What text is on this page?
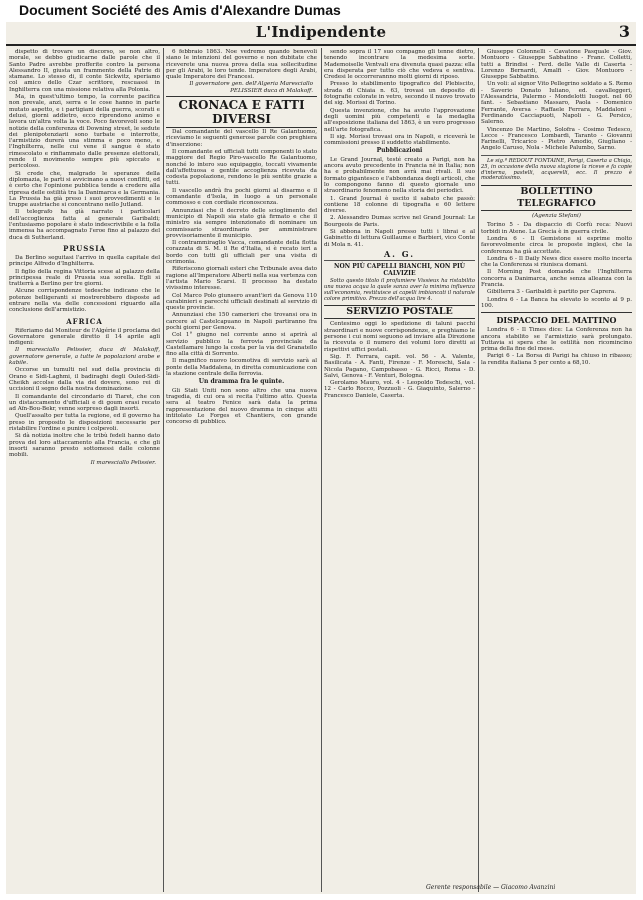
Document Société des Amis d'Alexandre Dumas
L'Indipendente	3

dispetto di trovare un discorso, se non altro, morale, se debbo giudicarne dalle parole che il Santo Padre avrebbe profferite contro la persona Alessandro II, giusta un frammento della Patrie di stamane. Lo stesso di, il conte Sickwitz, speriamo col amico dello Czar scrittore, rescuassi in Inghilterra con una missione relativa alla Polonia.

Ma, in quest'ultimo tempo, la corrente pacifica non prevale, anzi, serra e le cose hanno in parte mutato aspetto, e i partigiani della guerra, scorati e delusi, giorni addietro, ecco riprendono animo e lavora un'altra volta la voce. Poco favorevoli sono le notizie della conferenza di Downing street, le sedute dei plenipotenziarii sono turbate e interrotte, l'armistizio durerà una stimma e poco meno, e l'Inghilterra, nelle cui vene il sangue è stato rimescolato e rinfiammato dalle presenze elettorali, rende il movimento sempre più spiccato e pericoloso.

Si crede che, malgrado le speranze della diplomazia, le parti si avvicinano a nuovi conflitti, ed è certo che l'opinione pubblica tende a credere alla ripresa delle ostilità tra la Danimarca e la Germania. La Prussia ha già preso i suoi provvedimenti e le truppe austriache si concentrano nello Jutland.

Il telegrafo ha già narrato i particolari dell'accoglienza fatta al generale Garibaldi; l'entusiasmo popolare è stato indescrivibile e la folla immensa ha accompagnato l'eroe fino al palazzo del duca di Sutherland.

PRUSSIA

Da Berlino seguitasi l'arrivo in quella capitale del principe Alfredo d'Inghilterra.

Il figlio della regina Vittoria scese al palazzo della principessa reale di Prussia sua sorella. Egli si tratterrà a Berlino per tre giorni.

Alcune corrispondenze tedesche indicano che le potenze belligeranti si mostrerebbero disposte ad entrare nella via delle concessioni riguardo alla conclusione dell'armistizio.

AFRICA

Riferiamo dal Moniteur de l'Algérie il proclama del Governatore generale diretto il 14 aprile agli indigeni:

Il maresciallo Pelissier, duca di Malakoff, governatore generale, a tutte le popolazioni arabe e kabile.

Occorse un tumulti nel sud della provincia di Orano e Sidi-Laghmi, il badiraghi degli Ouled-Sidi-Cheikh accolse dalla via del dovere, sono rei di uccisioni il segno della nostra dominazione.

Il comandante del circondario di Tiaret, che con un distaccamento d'ufficiali e di goum erasi recato ad Aïn-Bou-Bekr, venne sorpreso dagli insorti.

Quell'assalto per tutta la regione, ed il governo ha preso in proposito le disposizioni necessarie per ristabilire l'ordine e punire i colpevoli.

Si dà notizia inoltre che le tribù fedeli hanno dato prova del loro attaccamento alla Francia, e che gli insorti saranno presto sottomessi dalle colonne mobili.

Il maresciallo Pelissier.

6 febbraio 1863. Noe vedremo quando benevoli siano le intenzioni del governo e non dubitate che riceverete una nuova prova della sua sollecitudine per gli Arabi, le loro tende. Imperatore degli Arabi, quale Imperatore dei Francesi.

Il governatore gen. dell'Algeria Maresciallo PELISSIER duca di Malakoff.
CRONACA E FATTI DIVERSI

Dal comandante del vascello Il Re Galantuomo, riceviamo le seguenti generose parole con preghiera d'inserzione:

Il comandante ed ufficiali tutti componenti lo stato maggiore del Regio Piro-vascello Re Galantuomo, nonché lo intero suo equipaggio, toccati vivamente dall'affettuosa e gentile accoglienza ricevuta da codesta popolazione, rendono le più sentite grazie a tutti.

Il vascello andrà fra pochi giorni al disarmo e il comandante d'Isola, in luogo a un personale commosso e con cordiale riconoscenza.

Annunziasi che il decreto delle scioglimento del municipio di Napoli sia stato già firmato e che il ministro sia sempre intenzionato di nominare un commissario straordinario per amministrare provvisoriamente il municipio.

Il contrammiraglio Vacca, comandante della flotta corazzata di S. M. il Re d'Italia, si è recato ieri a bordo con tutti gli ufficiali per una visita di cerimonia.

Riferiscono giornali esteri che Tribunale avea dato ragione all'Imperatore Alberti nella sua vertenza con l'artista Mario Scarsi. Il processo ha destato vivissimo interesse.

Col Marco Polo giunsero avant'ieri da Genova 110 carabinieri e parecchi ufficiali destinati al servizio di queste provincie.

Annunziasi che 150 camerieri che trovansi ora in carcere al Castelcapuano in Napoli partiranno fra pochi giorni per Genova.

Col 1° giugno nel corrente anno si aprirà al servizio pubblico la ferrovia provinciale da Castellamare lungo la costa per la via del Granatello fino alla città di Sorrento.

Il magnifico nuovo locomotiva di servizio sarà al ponte della Maddalena, in diretta comunicazione con la stazione centrale della ferrovia.

Un dramma fra le quinte.

Gli Stati Uniti non sono altro che una nuova tragedia, di cui ora si recita l'ultimo atto. Questa sera al teatro Fenice sarà data la prima rappresentazione del nuovo dramma in cinque atti intitolato Le Forges et Chantiers, con grande concorso di pubblico.

sendo sopra il 17 suo compagno gli tenne dietro, tenendo incontrare la medesima sorte. Mademoiselle Ventvali era divenuta quasi pazza: ella era disperata per tutto ciò che vedeva e sentiva. Credesi le occorrerannno molti giorni di riposo.

Presso lo stabilimento tipografico del Plebiscito, strada di Chiaia n. 63, trovasi un deposito di fotografie colorate in vetro, secondo il nuovo trovato del sig. Morissi di Torino.

Questa invenzione, che ha avuto l'approvazione degli uomini più competenti e la medaglia all'esposizione italiana del 1863, è un vero progresso nell'arte fotografica.

Il sig. Morissi trovasi ora in Napoli, e riceverà le commissioni presso il suddetto stabilimento.

Pubblicazioni

Le Grand Journal, testé creato a Parigi, non ha ancora avuto precedente in Francia nè in Italia; non ha e probabilmente non avrà mai rivali. Il suo formato gigantesco e l'abbondanza degli articoli, che lo compongono fanno di questo giornale uno straordinario fenomeno nella storia dei periodici.

1. Grand Journal è uscito il sabato che passò: contiene 18 colonne di tipografia e 60 lettere diverse.

2. Alessandro Dumas scrive nel Grand Journal: Le Bourgeois de Paris.

Si abbona in Napoli presso tutti i librai e al Gabinetto di lettura Guillaume e Barbieri, vico Conte di Mola n. 41.

A. G.
NON PIÙ CAPELLI BIANCHI, NON PIÙ CALVIZIE

Sotto questo titolo il profumiere Vissieux ha ristabilito una nuova acqua la quale sanza aver la minima influenza sull'economia, restituisce ai capelli imbiancati il naturale colore primitivo. Prezzo dell'acqua lire 4.

SERVIZIO POSTALE

Centesimo oggi lo spedizione di taluni pacchi straordinari e nuove corrispondenze, e preghiamo le persone i cui nomi seguono ad inviare alla Direzione la ricevuta o il numero dei volumi loro diretti ai rispettivi uffici postali.

Sig. F. Ferrara, capit. vol. 56 - A. Valente, Basilicata - A. Fanti, Firenze - F. Moreschi, Sala - Nicola Pagano, Campobasso - G. Ricci, Roma - D. Salvi, Genova - F. Venturi, Bologna.

Gerolamo Mauro, vol. 4 - Leopoldo Tedeschi, vol. 12 - Carlo Rocco, Pozzuoli - G. Giaquinto, Salerno - Francesco Daniele, Caserta.

Giuseppe Colonnelli - Cavatone Pasquale - Giov. Montuoro - Giuseppe Sabbatino - Franc. Colletti, tutti a Brindisi - Ferd. delle Valle di Caserta - Lorenzo Bernardi, Amalfi - Giov. Montuoro - Giuseppe Sabbatino.

Un voli: al signor Vito Pellegrino soldato a S. Remo - Saverio Donato Iuliano, ed. cavalleggeri, l'Alessandria, Palermo - Mondelotti Iuogot. nel 60 fant. - Sebastiano Massaro, Paola - Domenico Ferrante, Aversa - Raffaele Ferrara, Maddaloni - Ferdinando Cacciapuoti, Napoli - G. Persico, Salerno.

Vincenzo De Martino, Solofra - Cosimo Tedesco, Lecce - Francesco Lombardi, Taranto - Giovanni Farinelli, Tricarico - Pietro Amodio, Giugliano - Angelo Caruso, Nola - Michele Palumbo, Sarno.

Le sig.ª REDOUT FONTAINE, Parigi, Caserta a Chiaja, 25, in occasione della nuova stagione la riceve e fa copie d'interna, pastelli, acquerelli, ecc. Il prezzo è moderatissimo.

BOLLETTINO TELEGRAFICO
(Agenzia Stefani)

Torino 5 - Da dispaccio di Corfù reca: Nuovi torbidi in Atene. La Grecia è in guerra civile.

Londra 6 - Il Gemistone si esprime molto favorevolmente circa le proposte inglesi, che la conferenza ha già accettate.

Londra 6 - Il Daily News dice essere molto incerta che la Conferenza si riunisca domani.

Il Morning Post domanda che l'Inghilterra concorra a Danimarca, anche senza alleanza con la Francia.

Gibilterra 3 - Garibaldi è partito per Caprera.

Londra 6 - La Banca ha elevato lo sconto al 9 p. 100.

DISPACCIO DEL MATTINO

Londra 6 - Il Times dice: La Conferenza non ha ancora stabilito se l'armistizio sarà prolungato. Tuttavia si spera che le ostilità non ricomincino prima della fine del mese.

Parigi 6 - La Borsa di Parigi ha chiuso in ribasso; la rendita italiana 5 per cento a 68,10.

Gerente responsabile — Giacomo Avanzini
